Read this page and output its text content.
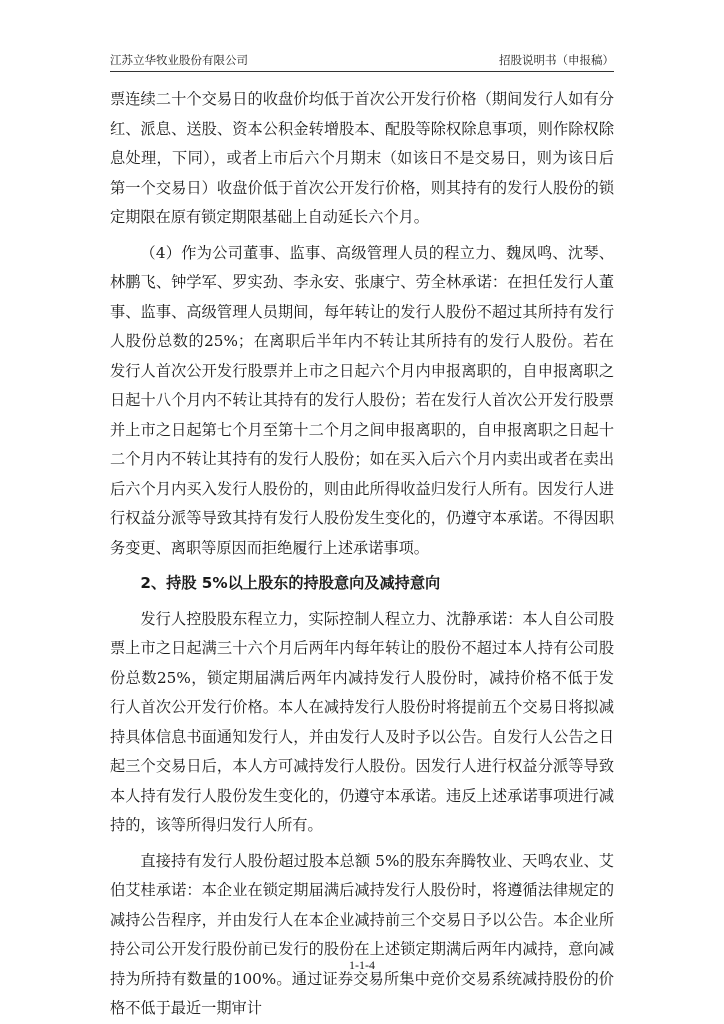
江苏立华牧业股份有限公司	招股说明书（申报稿）

票连续二十个交易日的收盘价均低于首次公开发行价格（期间发行人如有分红、派息、送股、资本公积金转增股本、配股等除权除息事项，则作除权除息处理，下同），或者上市后六个月期末（如该日不是交易日，则为该日后第一个交易日）收盘价低于首次公开发行价格，则其持有的发行人股份的锁定期限在原有锁定期限基础上自动延长六个月。

（4）作为公司董事、监事、高级管理人员的程立力、魏凤鸣、沈琴、林鹏飞、钟学军、罗实劲、李永安、张康宁、劳全林承诺：在担任发行人董事、监事、高级管理人员期间，每年转让的发行人股份不超过其所持有发行人股份总数的25%；在离职后半年内不转让其所持有的发行人股份。若在发行人首次公开发行股票并上市之日起六个月内申报离职的，自申报离职之日起十八个月内不转让其持有的发行人股份；若在发行人首次公开发行股票并上市之日起第七个月至第十二个月之间申报离职的，自申报离职之日起十二个月内不转让其持有的发行人股份；如在买入后六个月内卖出或者在卖出后六个月内买入发行人股份的，则由此所得收益归发行人所有。因发行人进行权益分派等导致其持有发行人股份发生变化的，仍遵守本承诺。不得因职务变更、离职等原因而拒绝履行上述承诺事项。

2、持股 5%以上股东的持股意向及减持意向

发行人控股股东程立力，实际控制人程立力、沈静承诺：本人自公司股票上市之日起满三十六个月后两年内每年转让的股份不超过本人持有公司股份总数25%，锁定期届满后两年内减持发行人股份时，减持价格不低于发行人首次公开发行价格。本人在减持发行人股份时将提前五个交易日将拟减持具体信息书面通知发行人，并由发行人及时予以公告。自发行人公告之日起三个交易日后，本人方可减持发行人股份。因发行人进行权益分派等导致本人持有发行人股份发生变化的，仍遵守本承诺。违反上述承诺事项进行减持的，该等所得归发行人所有。

直接持有发行人股份超过股本总额 5%的股东奔腾牧业、天鸣农业、艾伯艾桂承诺：本企业在锁定期届满后减持发行人股份时，将遵循法律规定的减持公告程序，并由发行人在本企业减持前三个交易日予以公告。本企业所持公司公开发行股份前已发行的股份在上述锁定期满后两年内减持，意向减持为所持有数量的100%。通过证券交易所集中竞价交易系统减持股份的价格不低于最近一期审计

1-1-4
